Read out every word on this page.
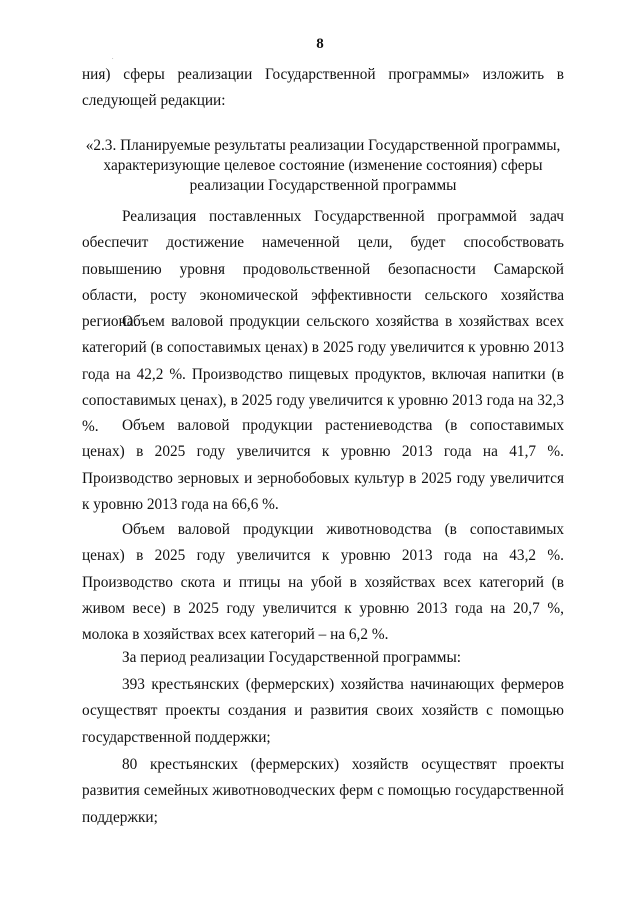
8
.

ния) сферы реализации Государственной программы» изложить в следующей редакции:

«2.3. Планируемые результаты реализации Государственной программы, характеризующие целевое состояние (изменение состояния) сферы реализации Государственной программы

Реализация поставленных Государственной программой задач обеспечит достижение намеченной цели, будет способствовать повышению уровня продовольственной безопасности Самарской области, росту экономической эффективности сельского хозяйства региона.

Объем валовой продукции сельского хозяйства в хозяйствах всех категорий (в сопоставимых ценах) в 2025 году увеличится к уровню 2013 года на 42,2 %. Производство пищевых продуктов, включая напитки (в сопоставимых ценах), в 2025 году увеличится к уровню 2013 года на 32,3 %.	Объем валовой продукции растениеводства (в сопоставимых ценах) в 2025 году увеличится к уровню 2013 года на 41,7 %. Производство зерновых и зернобобовых культур в 2025 году увеличится к уровню 2013 года на 66,6 %.

Объем валовой продукции животноводства (в сопоставимых ценах) в 2025 году увеличится к уровню 2013 года на 43,2 %. Производство скота и птицы на убой в хозяйствах всех категорий (в живом весе) в 2025 году увеличится к уровню 2013 года на 20,7 %, молока в хозяйствах всех категорий – на 6,2 %.

За период реализации Государственной программы:

393 крестьянских (фермерских) хозяйства начинающих фермеров осуществят проекты создания и развития своих хозяйств с помощью государственной поддержки;

80 крестьянских (фермерских) хозяйств осуществят проекты развития семейных животноводческих ферм с помощью государственной поддержки;
